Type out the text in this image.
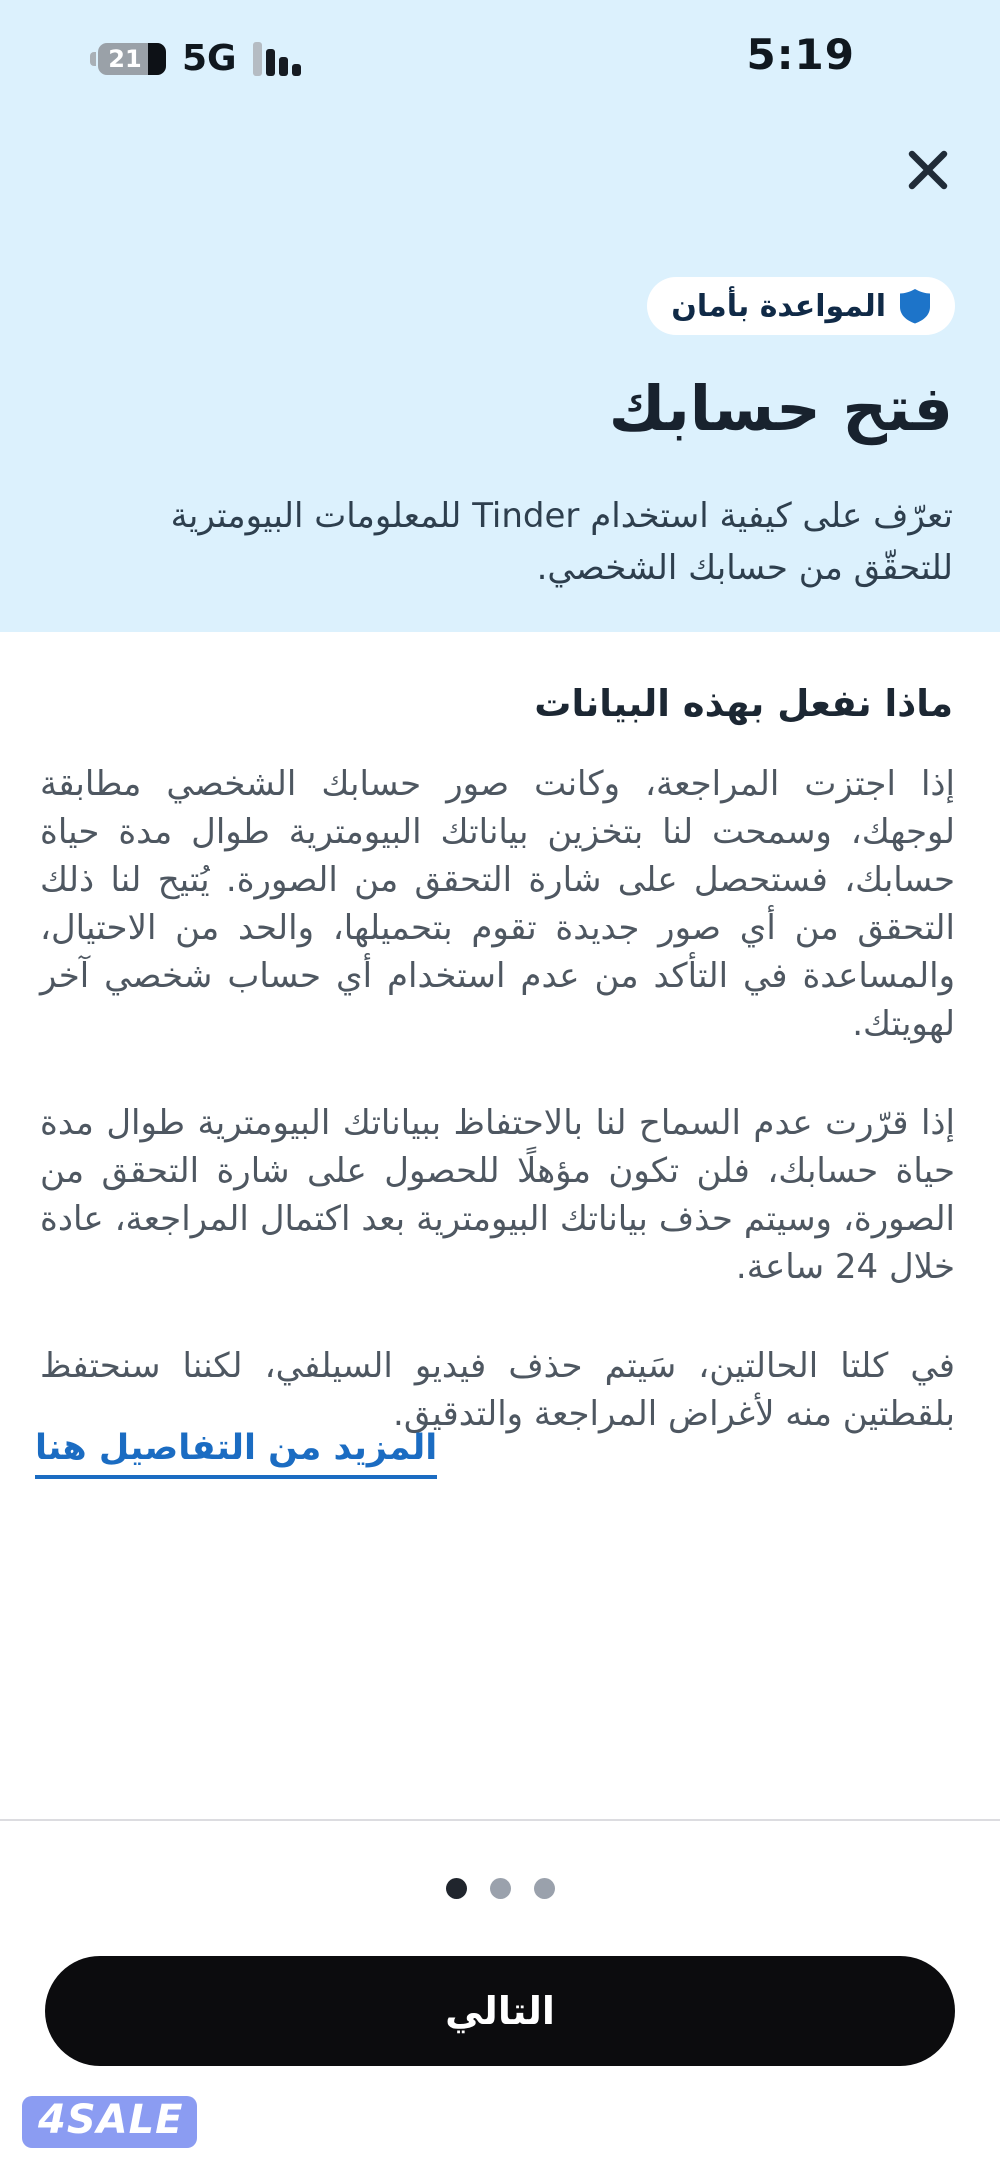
5:19
21 5G
المواعدة بأمان
فتح حسابك

تعرّف على كيفية استخدام Tinder للمعلومات البيومترية للتحقّق من حسابك الشخصي.

ماذا نفعل بهذه البيانات

إذا اجتزت المراجعة، وكانت صور حسابك الشخصي مطابقة لوجهك، وسمحت لنا بتخزين بياناتك البيومترية طوال مدة حياة حسابك، فستحصل على شارة التحقق من الصورة. يُتيح لنا ذلك التحقق من أي صور جديدة تقوم بتحميلها، والحد من الاحتيال، والمساعدة في التأكد من عدم استخدام أي حساب شخصي آخر لهويتك.

إذا قرّرت عدم السماح لنا بالاحتفاظ ببياناتك البيومترية طوال مدة حياة حسابك، فلن تكون مؤهلًا للحصول على شارة التحقق من الصورة، وسيتم حذف بياناتك البيومترية بعد اكتمال المراجعة، عادة خلال 24 ساعة.

في كلتا الحالتين، سَيتم حذف فيديو السيلفي، لكننا سنحتفظ بلقطتين منه لأغراض المراجعة والتدقيق.

المزيد من التفاصيل هنا
التالي
4SALE
